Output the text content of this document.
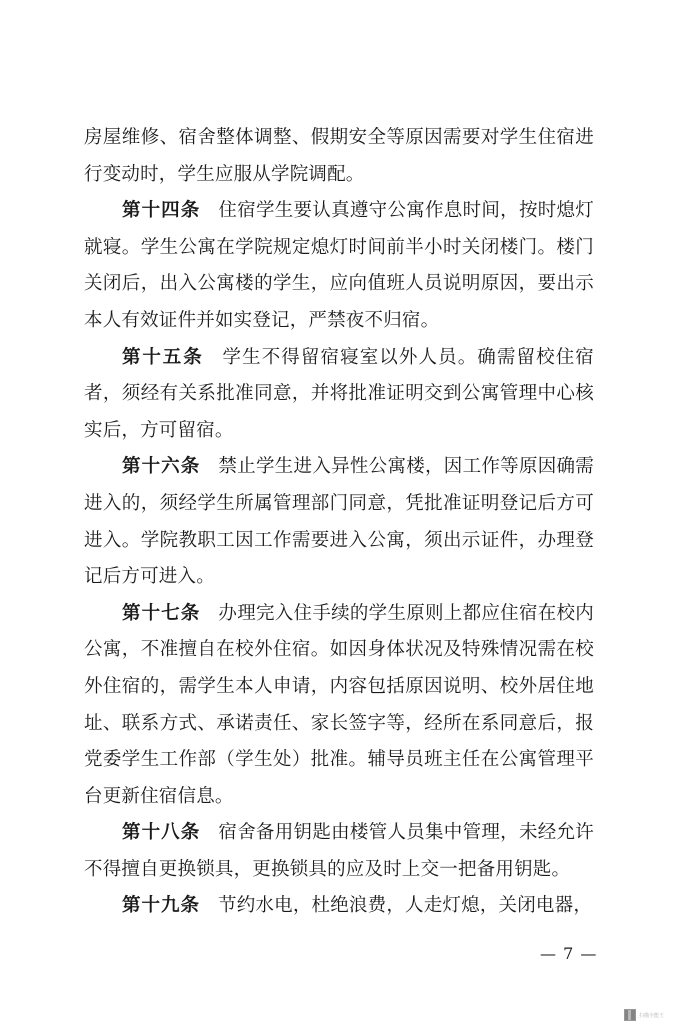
房屋维修、宿舍整体调整、假期安全等原因需要对学生住宿进行变动时，学生应服从学院调配。

第十四条 住宿学生要认真遵守公寓作息时间，按时熄灯就寝。学生公寓在学院规定熄灯时间前半小时关闭楼门。楼门关闭后，出入公寓楼的学生，应向值班人员说明原因，要出示本人有效证件并如实登记，严禁夜不归宿。

第十五条 学生不得留宿寝室以外人员。确需留校住宿者，须经有关系批准同意，并将批准证明交到公寓管理中心核实后，方可留宿。

第十六条 禁止学生进入异性公寓楼，因工作等原因确需进入的，须经学生所属管理部门同意，凭批准证明登记后方可进入。学院教职工因工作需要进入公寓，须出示证件，办理登记后方可进入。

第十七条 办理完入住手续的学生原则上都应住宿在校内公寓，不准擅自在校外住宿。如因身体状况及特殊情况需在校外住宿的，需学生本人申请，内容包括原因说明、校外居住地址、联系方式、承诺责任、家长签字等，经所在系同意后，报党委学生工作部（学生处）批准。辅导员班主任在公寓管理平台更新住宿信息。

第十八条 宿舍备用钥匙由楼管人员集中管理，未经允许不得擅自更换锁具，更换锁具的应及时上交一把备用钥匙。

第十九条 节约水电，杜绝浪费，人走灯熄，关闭电器，

— 7 —
扫描全能王
